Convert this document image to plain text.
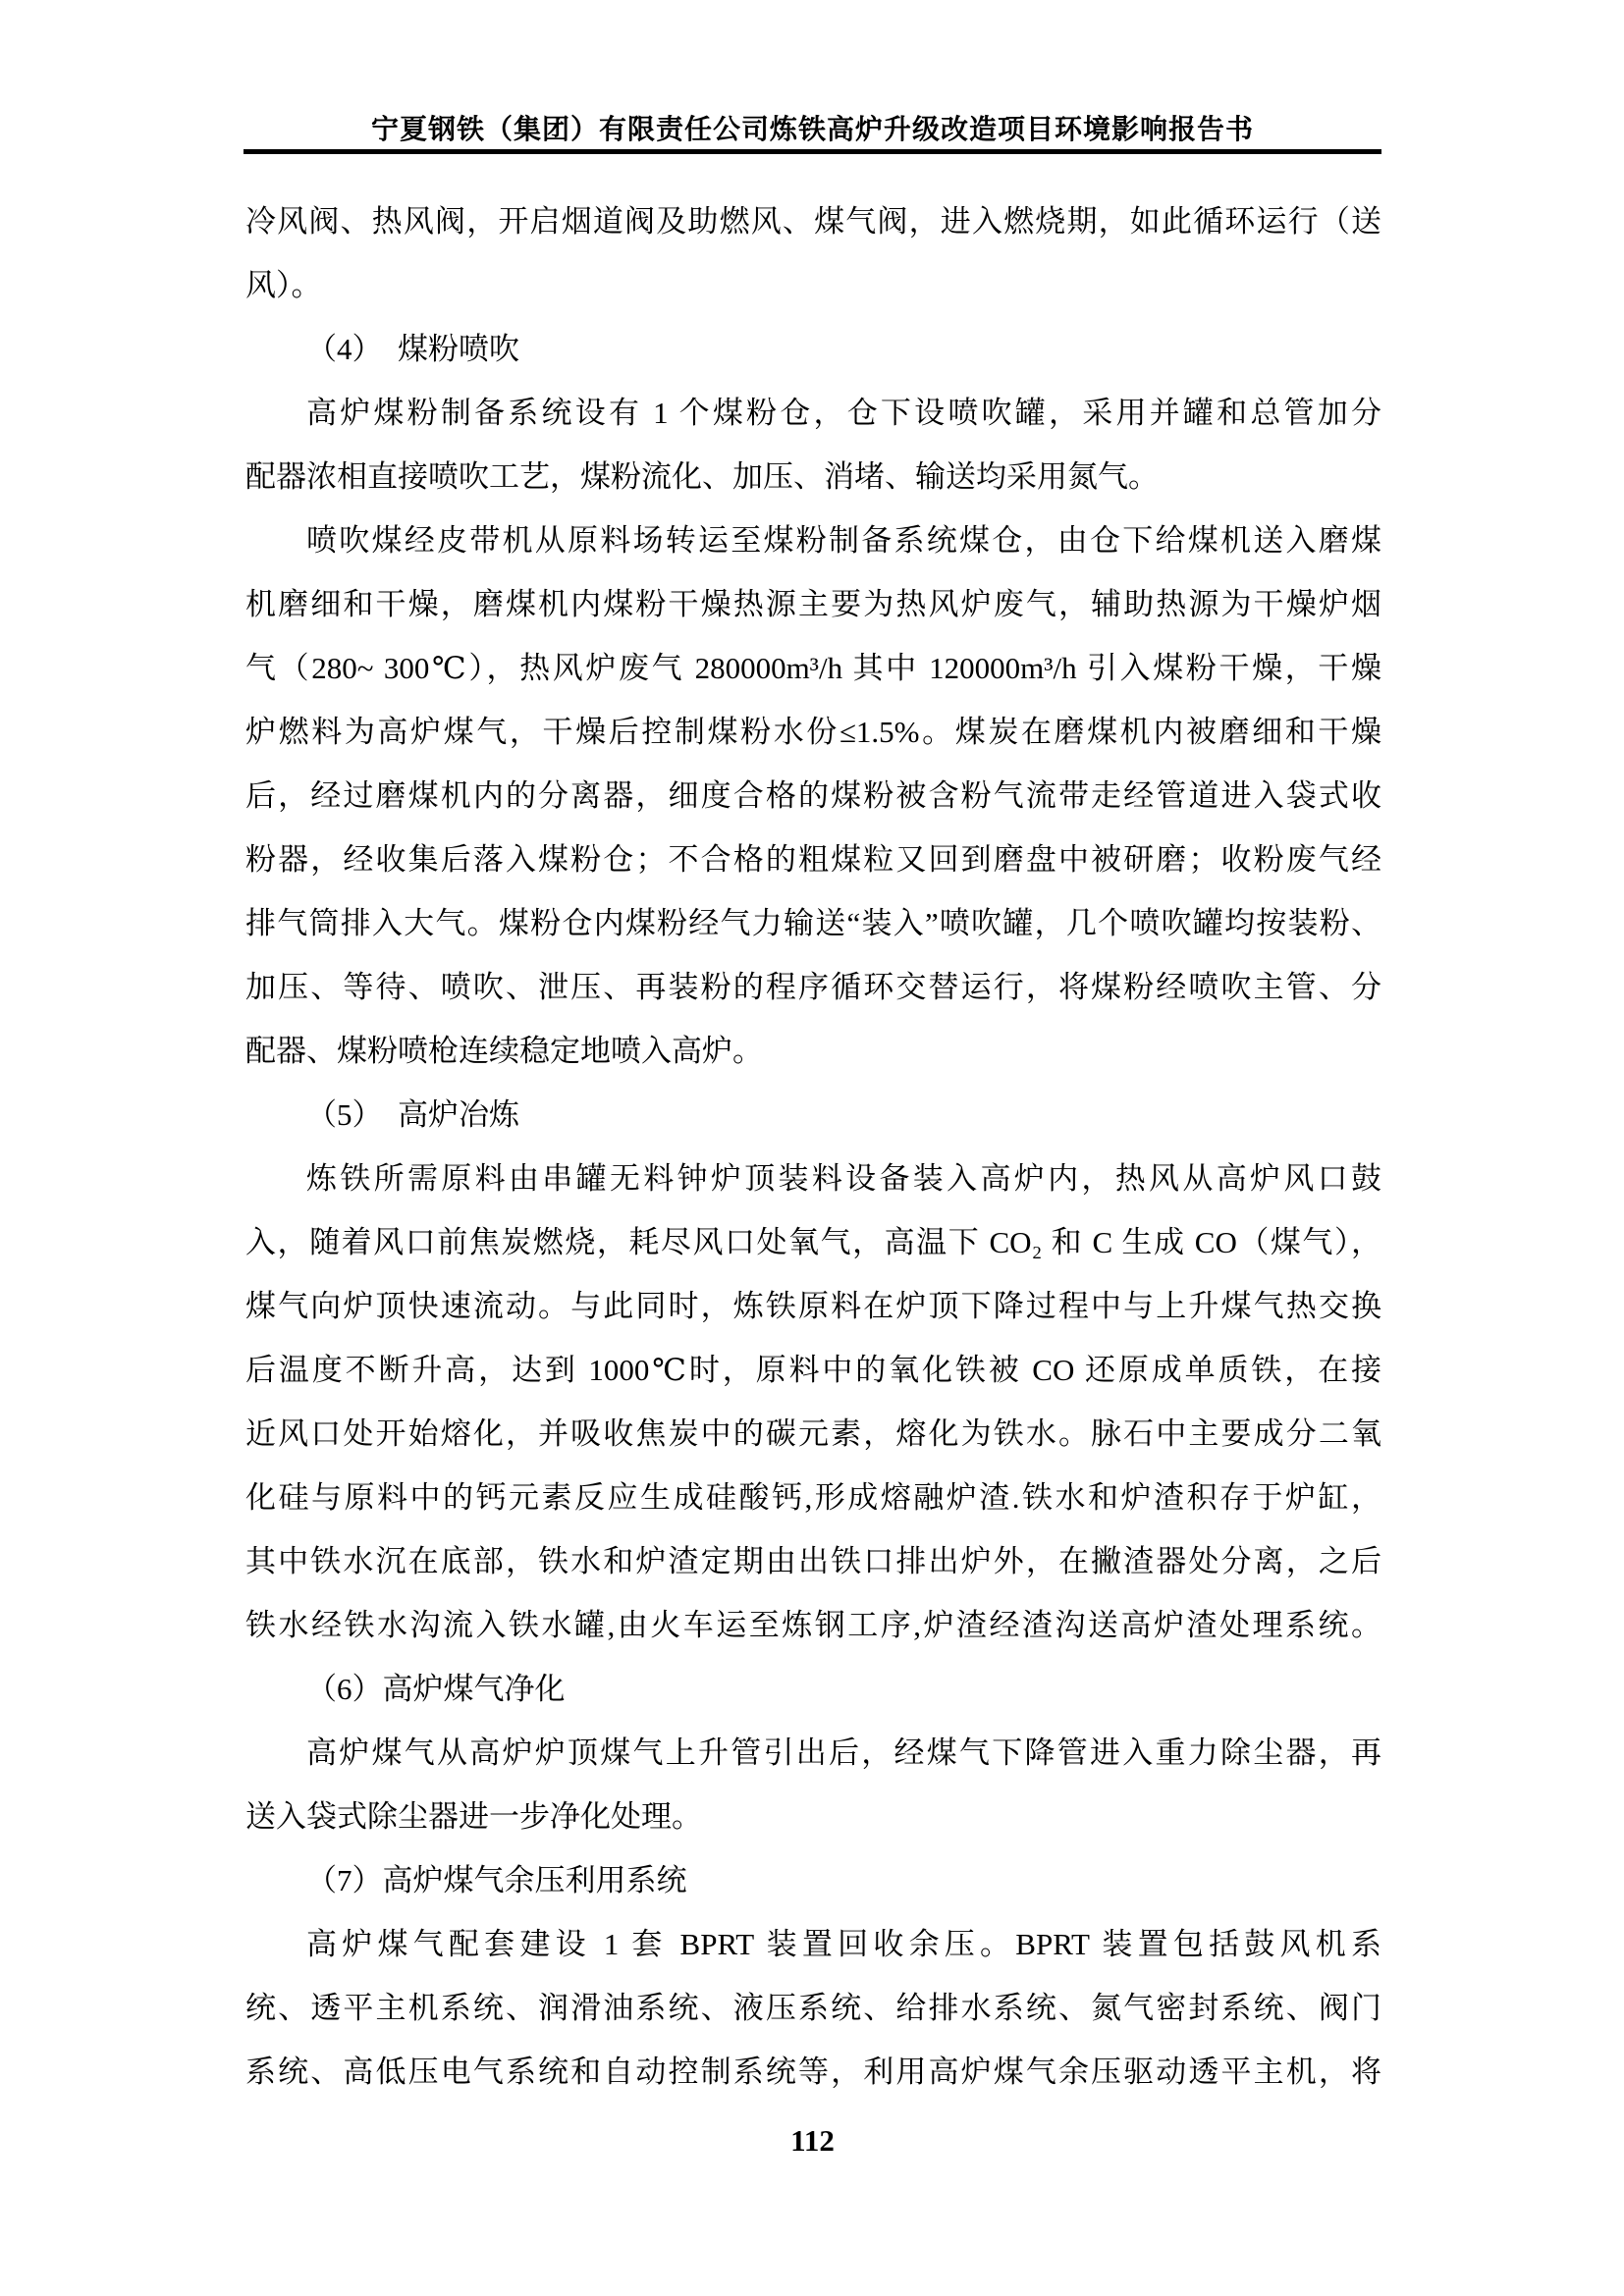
宁夏钢铁（集团）有限责任公司炼铁高炉升级改造项目环境影响报告书
冷风阀、热风阀，开启烟道阀及助燃风、煤气阀，进入燃烧期，如此循环运行（送
风）。
（4）　煤粉喷吹
高炉煤粉制备系统设有 1 个煤粉仓，仓下设喷吹罐，采用并罐和总管加分
配器浓相直接喷吹工艺，煤粉流化、加压、消堵、输送均采用氮气。
喷吹煤经皮带机从原料场转运至煤粉制备系统煤仓，由仓下给煤机送入磨煤
机磨细和干燥，磨煤机内煤粉干燥热源主要为热风炉废气，辅助热源为干燥炉烟
气（280~ 300℃），热风炉废气 280000m³/h 其中 120000m³/h 引入煤粉干燥，干燥
炉燃料为高炉煤气，干燥后控制煤粉水份≤1.5%。煤炭在磨煤机内被磨细和干燥
后，经过磨煤机内的分离器，细度合格的煤粉被含粉气流带走经管道进入袋式收
粉器，经收集后落入煤粉仓；不合格的粗煤粒又回到磨盘中被研磨；收粉废气经
排气筒排入大气。煤粉仓内煤粉经气力输送“装入”喷吹罐，几个喷吹罐均按装粉、
加压、等待、喷吹、泄压、再装粉的程序循环交替运行，将煤粉经喷吹主管、分
配器、煤粉喷枪连续稳定地喷入高炉。
（5）　高炉冶炼
炼铁所需原料由串罐无料钟炉顶装料设备装入高炉内，热风从高炉风口鼓
入，随着风口前焦炭燃烧，耗尽风口处氧气，高温下 CO₂ 和 C 生成 CO（煤气），
煤气向炉顶快速流动。与此同时，炼铁原料在炉顶下降过程中与上升煤气热交换
后温度不断升高，达到 1000℃时，原料中的氧化铁被 CO 还原成单质铁，在接
近风口处开始熔化，并吸收焦炭中的碳元素，熔化为铁水。脉石中主要成分二氧
化硅与原料中的钙元素反应生成硅酸钙,形成熔融炉渣.铁水和炉渣积存于炉缸，
其中铁水沉在底部，铁水和炉渣定期由出铁口排出炉外，在撇渣器处分离，之后
铁水经铁水沟流入铁水罐,由火车运至炼钢工序,炉渣经渣沟送高炉渣处理系统。
（6）高炉煤气净化
高炉煤气从高炉炉顶煤气上升管引出后，经煤气下降管进入重力除尘器，再
送入袋式除尘器进一步净化处理。
（7）高炉煤气余压利用系统
高炉煤气配套建设 1 套 BPRT 装置回收余压。BPRT 装置包括鼓风机系
统、透平主机系统、润滑油系统、液压系统、给排水系统、氮气密封系统、阀门
系统、高低压电气系统和自动控制系统等，利用高炉煤气余压驱动透平主机，将
112
